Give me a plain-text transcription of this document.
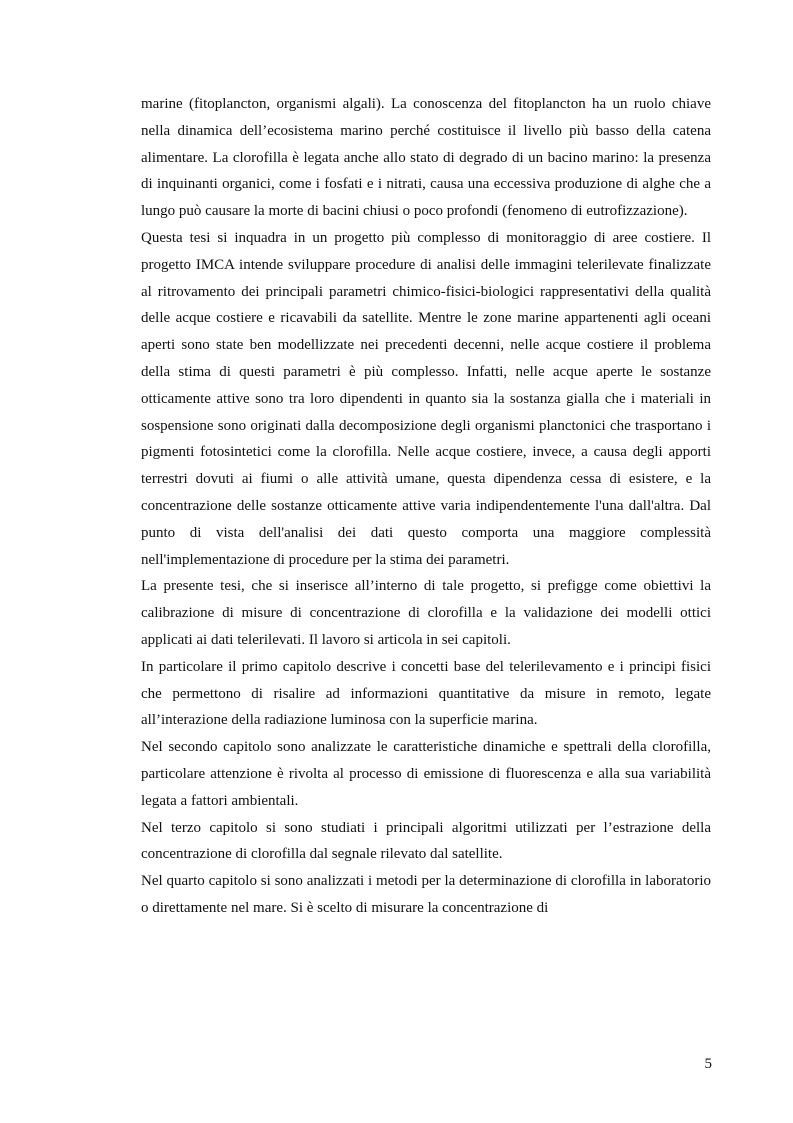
marine (fitoplancton, organismi algali). La conoscenza del fitoplancton ha un ruolo chiave nella dinamica dell’ecosistema marino perché costituisce il livello più basso della catena alimentare. La clorofilla è legata anche allo stato di degrado di un bacino marino: la presenza di inquinanti organici, come i fosfati e i nitrati, causa una eccessiva produzione di alghe che a lungo può causare la morte di bacini chiusi o poco profondi (fenomeno di eutrofizzazione).

Questa tesi si inquadra in un progetto più complesso di monitoraggio di aree costiere. Il progetto IMCA intende sviluppare procedure di analisi delle immagini telerilevate finalizzate al ritrovamento dei principali parametri chimico-fisici-biologici rappresentativi della qualità delle acque costiere e ricavabili da satellite. Mentre le zone marine appartenenti agli oceani aperti sono state ben modellizzate nei precedenti decenni, nelle acque costiere il problema della stima di questi parametri è più complesso. Infatti, nelle acque aperte le sostanze otticamente attive sono tra loro dipendenti in quanto sia la sostanza gialla che i materiali in sospensione sono originati dalla decomposizione degli organismi planctonici che trasportano i pigmenti fotosintetici come la clorofilla. Nelle acque costiere, invece, a causa degli apporti terrestri dovuti ai fiumi o alle attività umane, questa dipendenza cessa di esistere, e la concentrazione delle sostanze otticamente attive varia indipendentemente l'una dall'altra. Dal punto di vista dell'analisi dei dati questo comporta una maggiore complessità nell'implementazione di procedure per la stima dei parametri.

La presente tesi, che si inserisce all’interno di tale progetto, si prefigge come obiettivi la calibrazione di misure di concentrazione di clorofilla e la validazione dei modelli ottici applicati ai dati telerilevati. Il lavoro si articola in sei capitoli.

In particolare il primo capitolo descrive i concetti base del telerilevamento e i principi fisici che permettono di risalire ad informazioni quantitative da misure in remoto, legate all’interazione della radiazione luminosa con la superficie marina.

Nel secondo capitolo sono analizzate le caratteristiche dinamiche e spettrali della clorofilla, particolare attenzione è rivolta al processo di emissione di fluorescenza e alla sua variabilità legata a fattori ambientali.

Nel terzo capitolo si sono studiati i principali algoritmi utilizzati per l’estrazione della concentrazione di clorofilla dal segnale rilevato dal satellite.

Nel quarto capitolo si sono analizzati i metodi per la determinazione di clorofilla in laboratorio o direttamente nel mare. Si è scelto di misurare la concentrazione di

5
